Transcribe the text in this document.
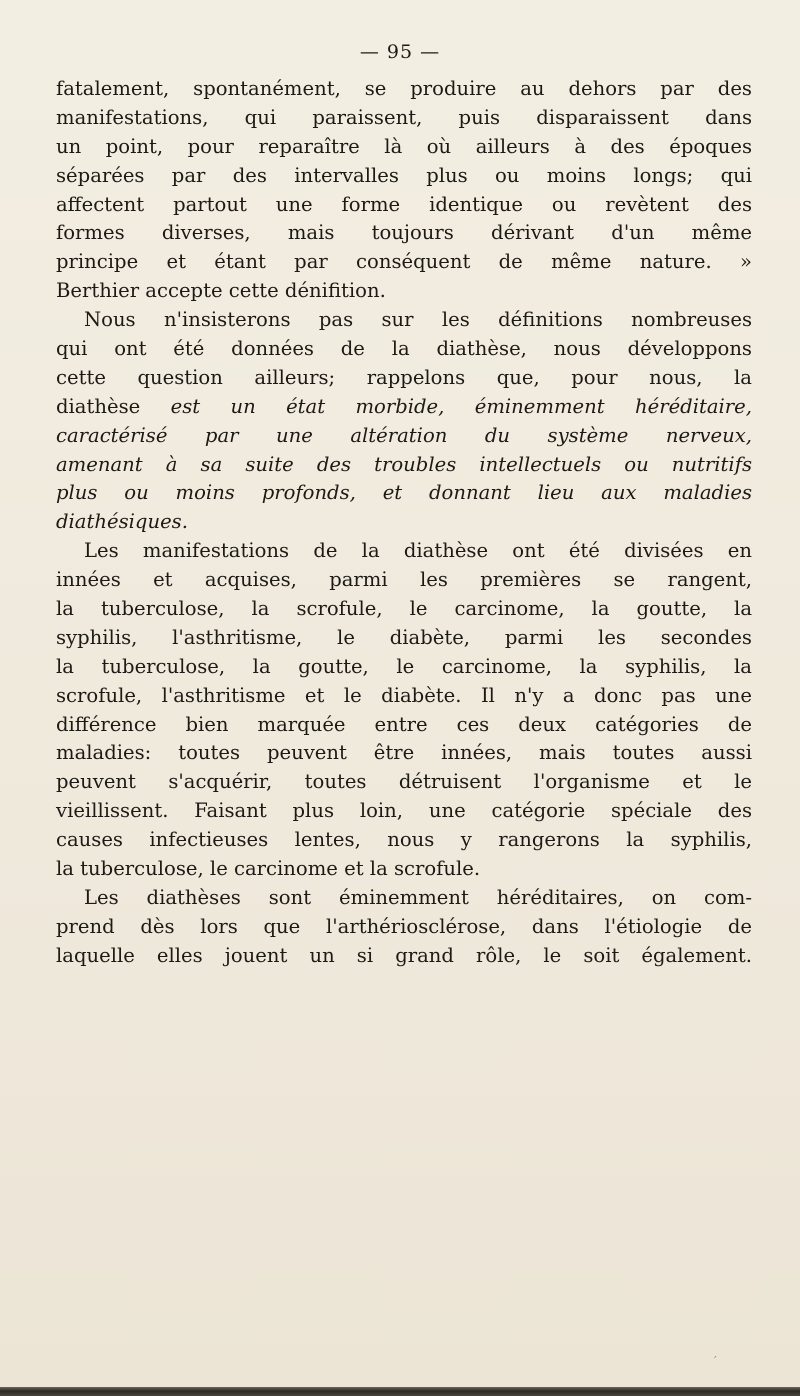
— 95 —
fatalement, spontanément, se produire au dehors par des
manifestations, qui paraissent, puis disparaissent dans
un point, pour reparaître là où ailleurs à des époques
séparées par des intervalles plus ou moins longs; qui
affectent partout une forme identique ou revètent des
formes diverses, mais toujours dérivant d'un même
principe et étant par conséquent de même nature. »
Berthier accepte cette dénifition.
Nous n'insisterons pas sur les définitions nombreuses
qui ont été données de la diathèse, nous développons
cette question ailleurs; rappelons que, pour nous, la
diathèse est un état morbide, éminemment héréditaire,
caractérisé par une altération du système nerveux,
amenant à sa suite des troubles intellectuels ou nutritifs
plus ou moins profonds, et donnant lieu aux maladies
diathésiques.
Les manifestations de la diathèse ont été divisées en
innées et acquises, parmi les premières se rangent,
la tuberculose, la scrofule, le carcinome, la goutte, la
syphilis, l'asthritisme, le diabète, parmi les secondes
la tuberculose, la goutte, le carcinome, la syphilis, la
scrofule, l'asthritisme et le diabète. Il n'y a donc pas une
différence bien marquée entre ces deux catégories de
maladies: toutes peuvent être innées, mais toutes aussi
peuvent s'acquérir, toutes détruisent l'organisme et le
vieillissent. Faisant plus loin, une catégorie spéciale des
causes infectieuses lentes, nous y rangerons la syphilis,
la tuberculose, le carcinome et la scrofule.
Les diathèses sont éminemment héréditaires, on com-
prend dès lors que l'arthériosclérose, dans l'étiologie de
laquelle elles jouent un si grand rôle, le soit également.
′
